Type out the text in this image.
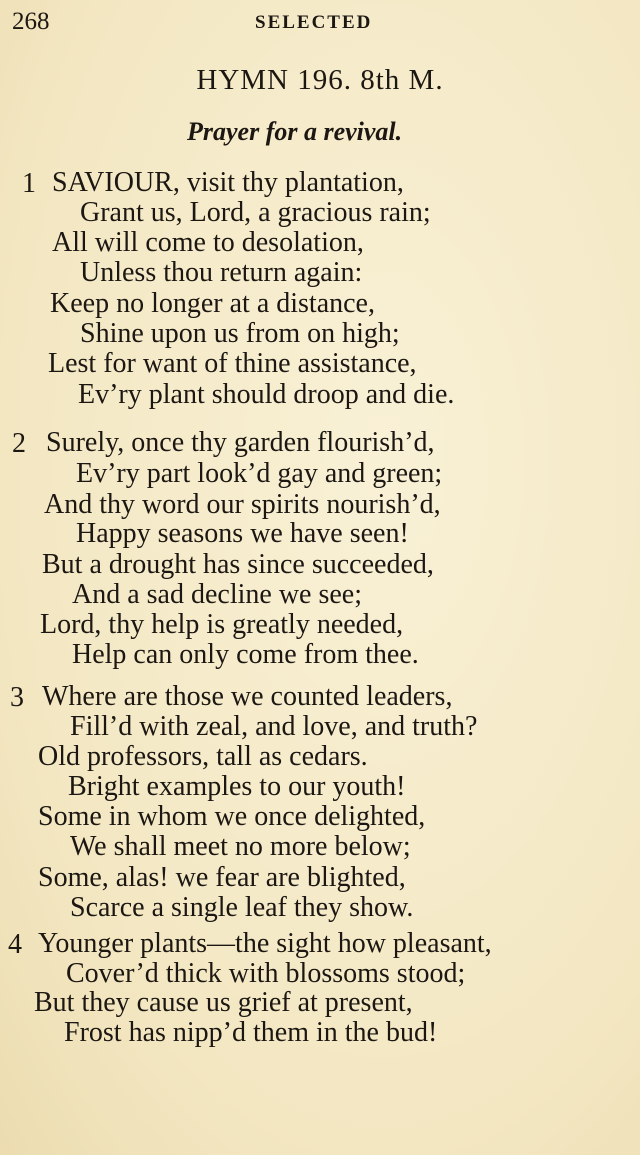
268	SELECTED
HYMN 196. 8th M.
Prayer for a revival.
1 SAVIOUR, visit thy plantation,
Grant us, Lord, a gracious rain;
All will come to desolation,
Unless thou return again:
Keep no longer at a distance,
Shine upon us from on high;
Lest for want of thine assistance,
Ev’ry plant should droop and die.
2 Surely, once thy garden flourish’d,
Ev’ry part look’d gay and green;
And thy word our spirits nourish’d,
Happy seasons we have seen!
But a drought has since succeeded,
And a sad decline we see;
Lord, thy help is greatly needed,
Help can only come from thee.
3 Where are those we counted leaders,
Fill’d with zeal, and love, and truth?
Old professors, tall as cedars.
Bright examples to our youth!
Some in whom we once delighted,
We shall meet no more below;
Some, alas! we fear are blighted,
Scarce a single leaf they show.
4 Younger plants—the sight how pleasant,
Cover’d thick with blossoms stood;
But they cause us grief at present,
Frost has nipp’d them in the bud!
